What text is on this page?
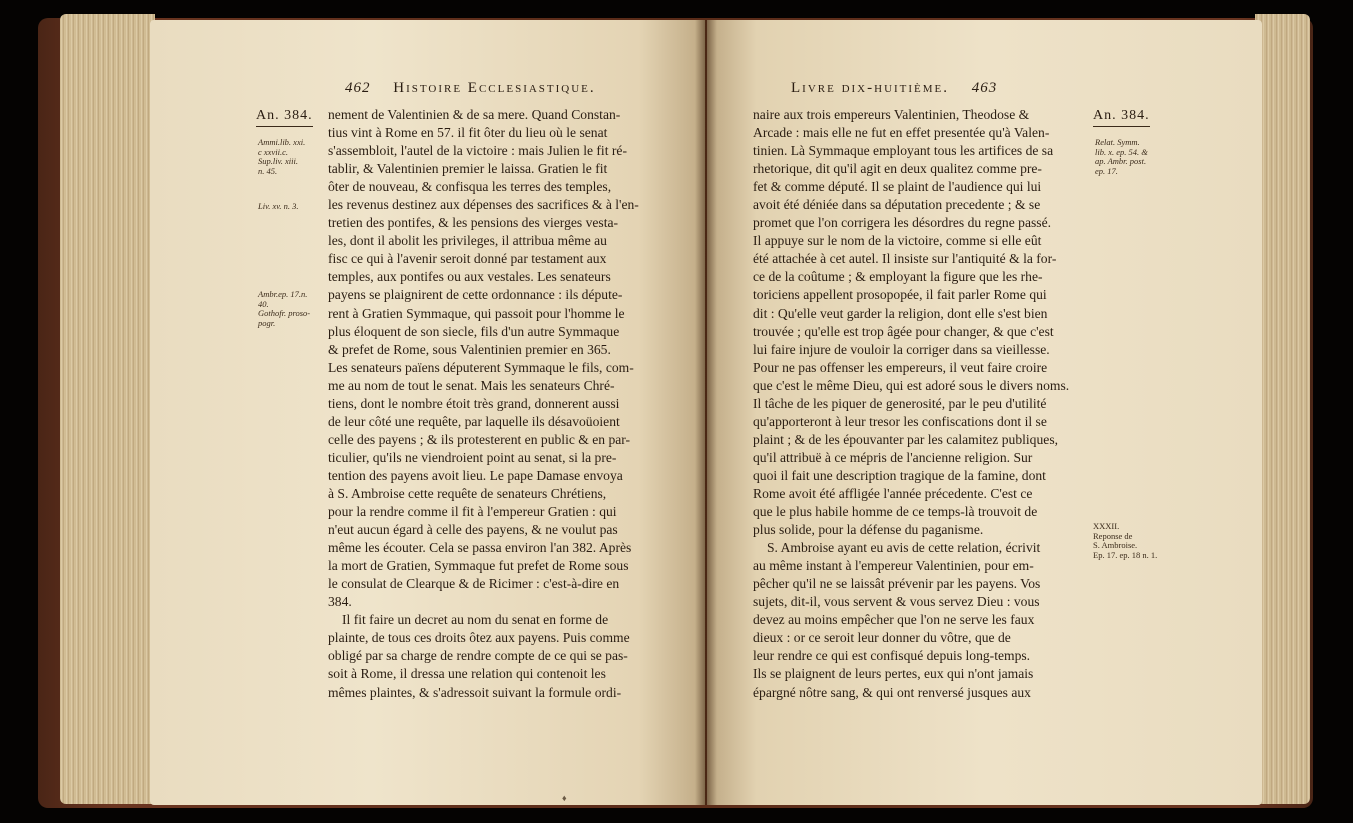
462 Histoire Ecclesiastique.
An. 384.
Ammi.lib. xxi.
c xxvii.c.
Sup.liv. xiii.
n. 45.
Liv. xv. n. 3.
Ambr.ep. 17.n.
40.
Gothofr. proso-
pogr.
nement de Valentinien & de sa mere. Quand Constan-
tius vint à Rome en 57. il fit ôter du lieu où le senat
s'assembloit, l'autel de la victoire : mais Julien le fit ré-
tablir, & Valentinien premier le laissa. Gratien le fit
ôter de nouveau, & confisqua les terres des temples,
les revenus destinez aux dépenses des sacrifices & à l'en-
tretien des pontifes, & les pensions des vierges vesta-
les, dont il abolit les privileges, il attribua même au
fisc ce qui à l'avenir seroit donné par testament aux
temples, aux pontifes ou aux vestales. Les senateurs
payens se plaignirent de cette ordonnance : ils députe-
rent à Gratien Symmaque, qui passoit pour l'homme le
plus éloquent de son siecle, fils d'un autre Symmaque
& prefet de Rome, sous Valentinien premier en 365.
Les senateurs païens députerent Symmaque le fils, com-
me au nom de tout le senat. Mais les senateurs Chré-
tiens, dont le nombre étoit très grand, donnerent aussi
de leur côté une requête, par laquelle ils désavoüoient
celle des payens ; & ils protesterent en public & en par-
ticulier, qu'ils ne viendroient point au senat, si la pre-
tention des payens avoit lieu. Le pape Damase envoya
à S. Ambroise cette requête de senateurs Chrétiens,
pour la rendre comme il fit à l'empereur Gratien : qui
n'eut aucun égard à celle des payens, & ne voulut pas
même les écouter. Cela se passa environ l'an 382. Après
la mort de Gratien, Symmaque fut prefet de Rome sous
le consulat de Clearque & de Ricimer : c'est-à-dire en
384.
Il fit faire un decret au nom du senat en forme de
plainte, de tous ces droits ôtez aux payens. Puis comme
obligé par sa charge de rendre compte de ce qui se pas-
soit à Rome, il dressa une relation qui contenoit les
mêmes plaintes, & s'adressoit suivant la formule ordi-
♦
Livre dix-huitième. 463
An. 384.
Relat. Symm.
lib. x. ep. 54. &
ap. Ambr. post.
ep. 17.
XXXII.
Reponse de
S. Ambroise.
Ep. 17. ep. 18 n. 1.
naire aux trois empereurs Valentinien, Theodose &
Arcade : mais elle ne fut en effet presentée qu'à Valen-
tinien. Là Symmaque employant tous les artifices de sa
rhetorique, dit qu'il agit en deux qualitez comme pre-
fet & comme député. Il se plaint de l'audience qui lui
avoit été déniée dans sa députation precedente ; & se
promet que l'on corrigera les désordres du regne passé.
Il appuye sur le nom de la victoire, comme si elle eût
été attachée à cet autel. Il insiste sur l'antiquité & la for-
ce de la coûtume ; & employant la figure que les rhe-
toriciens appellent prosopopée, il fait parler Rome qui
dit : Qu'elle veut garder la religion, dont elle s'est bien
trouvée ; qu'elle est trop âgée pour changer, & que c'est
lui faire injure de vouloir la corriger dans sa vieillesse.
Pour ne pas offenser les empereurs, il veut faire croire
que c'est le même Dieu, qui est adoré sous le divers noms.
Il tâche de les piquer de generosité, par le peu d'utilité
qu'apporteront à leur tresor les confiscations dont il se
plaint ; & de les épouvanter par les calamitez publiques,
qu'il attribuë à ce mépris de l'ancienne religion. Sur
quoi il fait une description tragique de la famine, dont
Rome avoit été affligée l'année précedente. C'est ce
que le plus habile homme de ce temps-là trouvoit de
plus solide, pour la défense du paganisme.
S. Ambroise ayant eu avis de cette relation, écrivit
au même instant à l'empereur Valentinien, pour em-
pêcher qu'il ne se laissât prévenir par les payens. Vos
sujets, dit-il, vous servent & vous servez Dieu : vous
devez au moins empêcher que l'on ne serve les faux
dieux : or ce seroit leur donner du vôtre, que de
leur rendre ce qui est confisqué depuis long-temps.
Ils se plaignent de leurs pertes, eux qui n'ont jamais
épargné nôtre sang, & qui ont renversé jusques aux
